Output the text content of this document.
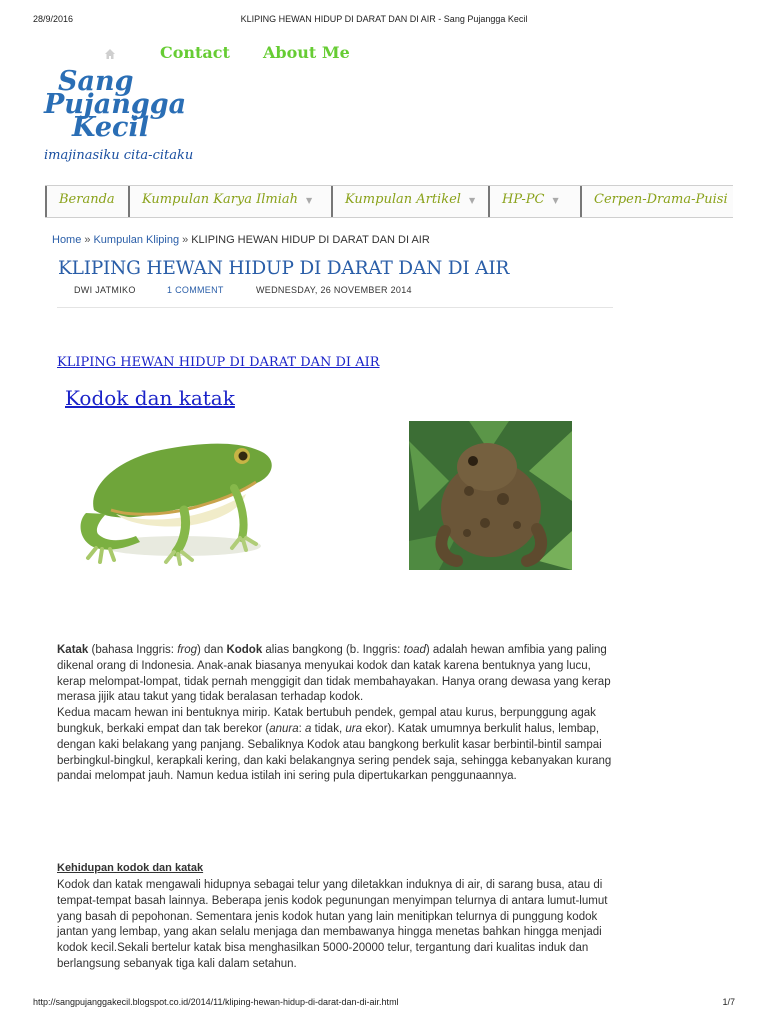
28/9/2016	KLIPING HEWAN HIDUP DI DARAT DAN DI AIR - Sang Pujangga Kecil
Contact About Me
Sang
Pujangga
Kecil
imajinasiku cita-citaku
Beranda	Kumpulan Karya Ilmiah ▼	Kumpulan Artikel ▼	HP-PC ▼	Cerpen-Drama-Puisi
Home » Kumpulan Kliping » KLIPING HEWAN HIDUP DI DARAT DAN DI AIR
KLIPING HEWAN HIDUP DI DARAT DAN DI AIR
DWI JATMIKO	1 COMMENT	WEDNESDAY, 26 NOVEMBER 2014
KLIPING HEWAN HIDUP DI DARAT DAN DI AIR
Kodok dan katak

Katak (bahasa Inggris: frog) dan Kodok alias bangkong (b. Inggris: toad) adalah hewan amfibia yang paling dikenal orang di Indonesia. Anak-anak biasanya menyukai kodok dan katak karena bentuknya yang lucu, kerap melompat-lompat, tidak pernah menggigit dan tidak membahayakan. Hanya orang dewasa yang kerap merasa jijik atau takut yang tidak beralasan terhadap kodok.

Kedua macam hewan ini bentuknya mirip. Katak bertubuh pendek, gempal atau kurus, berpunggung agak bungkuk, berkaki empat dan tak berekor (anura: a tidak, ura ekor). Katak umumnya berkulit halus, lembap, dengan kaki belakang yang panjang. Sebaliknya Kodok atau bangkong berkulit kasar berbintil-bintil sampai berbingkul-bingkul, kerapkali kering, dan kaki belakangnya sering pendek saja, sehingga kebanyakan kurang pandai melompat jauh. Namun kedua istilah ini sering pula dipertukarkan penggunaannya.

Kehidupan kodok dan katak

Kodok dan katak mengawali hidupnya sebagai telur yang diletakkan induknya di air, di sarang busa, atau di tempat-tempat basah lainnya. Beberapa jenis kodok pegunungan menyimpan telurnya di antara lumut-lumut yang basah di pepohonan. Sementara jenis kodok hutan yang lain menitipkan telurnya di punggung kodok jantan yang lembap, yang akan selalu menjaga dan membawanya hingga menetas bahkan hingga menjadi kodok kecil.Sekali bertelur katak bisa menghasilkan 5000-20000 telur, tergantung dari kualitas induk dan berlangsung sebanyak tiga kali dalam setahun.

http://sangpujanggakecil.blogspot.co.id/2014/11/kliping-hewan-hidup-di-darat-dan-di-air.html	1/7
